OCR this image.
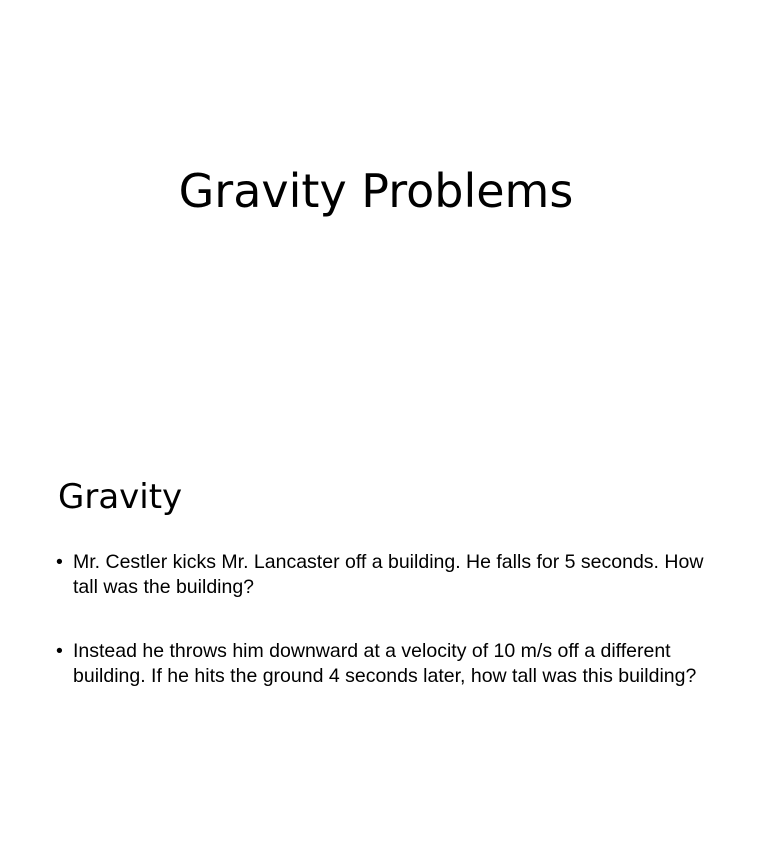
Gravity Problems
Gravity
• Mr. Cestler kicks Mr. Lancaster off a building. He falls for 5 seconds. How tall was the building?
• Instead he throws him downward at a velocity of 10 m/s off a different building. If he hits the ground 4 seconds later, how tall was this building?
